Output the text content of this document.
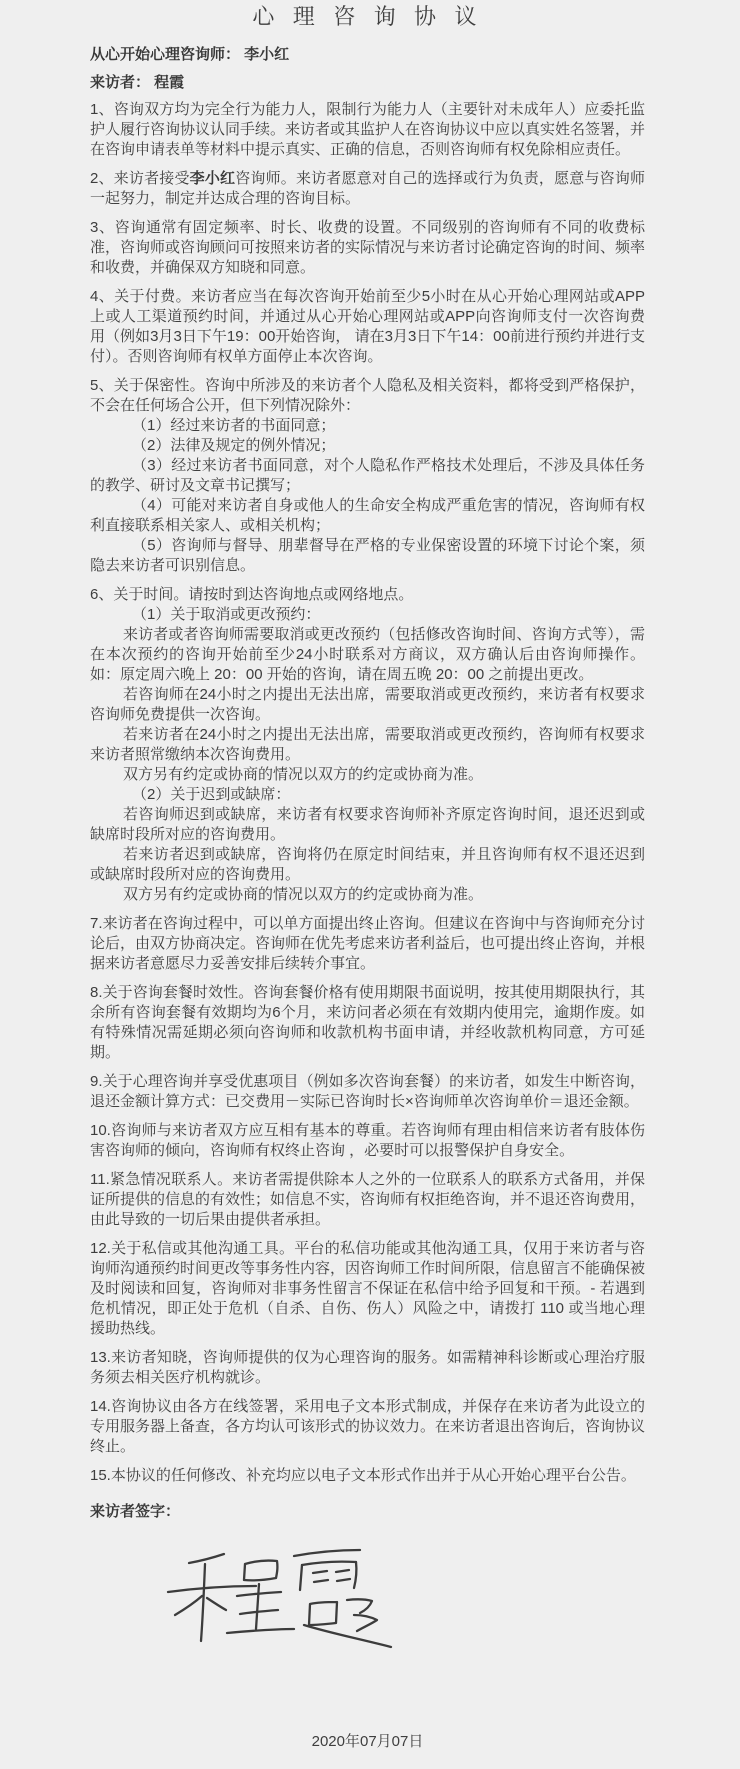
心 理 咨 询 协 议
从心开始心理咨询师： 李小红
来访者： 程霞
1、咨询双方均为完全行为能力人，限制行为能力人（主要针对未成年人）应委托监护人履行咨询协议认同手续。来访者或其监护人在咨询协议中应以真实姓名签署，并在咨询申请表单等材料中提示真实、正确的信息，否则咨询师有权免除相应责任。
2、来访者接受李小红咨询师。来访者愿意对自己的选择或行为负责，愿意与咨询师一起努力，制定并达成合理的咨询目标。
3、咨询通常有固定频率、时长、收费的设置。不同级别的咨询师有不同的收费标准，咨询师或咨询顾问可按照来访者的实际情况与来访者讨论确定咨询的时间、频率和收费，并确保双方知晓和同意。
4、关于付费。来访者应当在每次咨询开始前至少5小时在从心开始心理网站或APP上或人工渠道预约时间，并通过从心开始心理网站或APP向咨询师支付一次咨询费用（例如3月3日下午19：00开始咨询， 请在3月3日下午14：00前进行预约并进行支付）。否则咨询师有权单方面停止本次咨询。
5、关于保密性。咨询中所涉及的来访者个人隐私及相关资料，都将受到严格保护，不会在任何场合公开，但下列情况除外：
（1）经过来访者的书面同意；
（2）法律及规定的例外情况；
（3）经过来访者书面同意，对个人隐私作严格技术处理后，不涉及具体任务的教学、研讨及文章书记撰写；
（4）可能对来访者自身或他人的生命安全构成严重危害的情况，咨询师有权利直接联系相关家人、或相关机构；
（5）咨询师与督导、朋辈督导在严格的专业保密设置的环境下讨论个案，须隐去来访者可识别信息。
6、关于时间。请按时到达咨询地点或网络地点。
（1）关于取消或更改预约：
来访者或者咨询师需要取消或更改预约（包括修改咨询时间、咨询方式等），需在本次预约的咨询开始前至少24小时联系对方商议，双方确认后由咨询师操作。如：原定周六晚上 20：00 开始的咨询，请在周五晚 20：00 之前提出更改。
若咨询师在24小时之内提出无法出席，需要取消或更改预约，来访者有权要求咨询师免费提供一次咨询。
若来访者在24小时之内提出无法出席，需要取消或更改预约，咨询师有权要求来访者照常缴纳本次咨询费用。
双方另有约定或协商的情况以双方的约定或协商为准。
（2）关于迟到或缺席：
若咨询师迟到或缺席，来访者有权要求咨询师补齐原定咨询时间，退还迟到或缺席时段所对应的咨询费用。
若来访者迟到或缺席，咨询将仍在原定时间结束，并且咨询师有权不退还迟到或缺席时段所对应的咨询费用。
双方另有约定或协商的情况以双方的约定或协商为准。
7.来访者在咨询过程中，可以单方面提出终止咨询。但建议在咨询中与咨询师充分讨论后，由双方协商决定。咨询师在优先考虑来访者利益后，也可提出终止咨询，并根据来访者意愿尽力妥善安排后续转介事宜。
8.关于咨询套餐时效性。咨询套餐价格有使用期限书面说明，按其使用期限执行，其余所有咨询套餐有效期均为6个月，来访问者必须在有效期内使用完，逾期作废。如有特殊情况需延期必须向咨询师和收款机构书面申请，并经收款机构同意，方可延期。
9.关于心理咨询并享受优惠项目（例如多次咨询套餐）的来访者，如发生中断咨询，退还金额计算方式：已交费用－实际已咨询时长×咨询师单次咨询单价＝退还金额。
10.咨询师与来访者双方应互相有基本的尊重。若咨询师有理由相信来访者有肢体伤害咨询师的倾向，咨询师有权终止咨询 ，必要时可以报警保护自身安全。
11.紧急情况联系人。来访者需提供除本人之外的一位联系人的联系方式备用，并保证所提供的信息的有效性；如信息不实，咨询师有权拒绝咨询，并不退还咨询费用，由此导致的一切后果由提供者承担。
12.关于私信或其他沟通工具。平台的私信功能或其他沟通工具，仅用于来访者与咨询师沟通预约时间更改等事务性内容，因咨询师工作时间所限，信息留言不能确保被及时阅读和回复，咨询师对非事务性留言不保证在私信中给予回复和干预。- 若遇到危机情况，即正处于危机（自杀、自伤、伤人）风险之中，请拨打 110 或当地心理援助热线。
13.来访者知晓，咨询师提供的仅为心理咨询的服务。如需精神科诊断或心理治疗服务须去相关医疗机构就诊。
14.咨询协议由各方在线签署，采用电子文本形式制成，并保存在来访者为此设立的专用服务器上备查，各方均认可该形式的协议效力。在来访者退出咨询后，咨询协议终止。
15.本协议的任何修改、补充均应以电子文本形式作出并于从心开始心理平台公告。
来访者签字：
2020年07月07日
